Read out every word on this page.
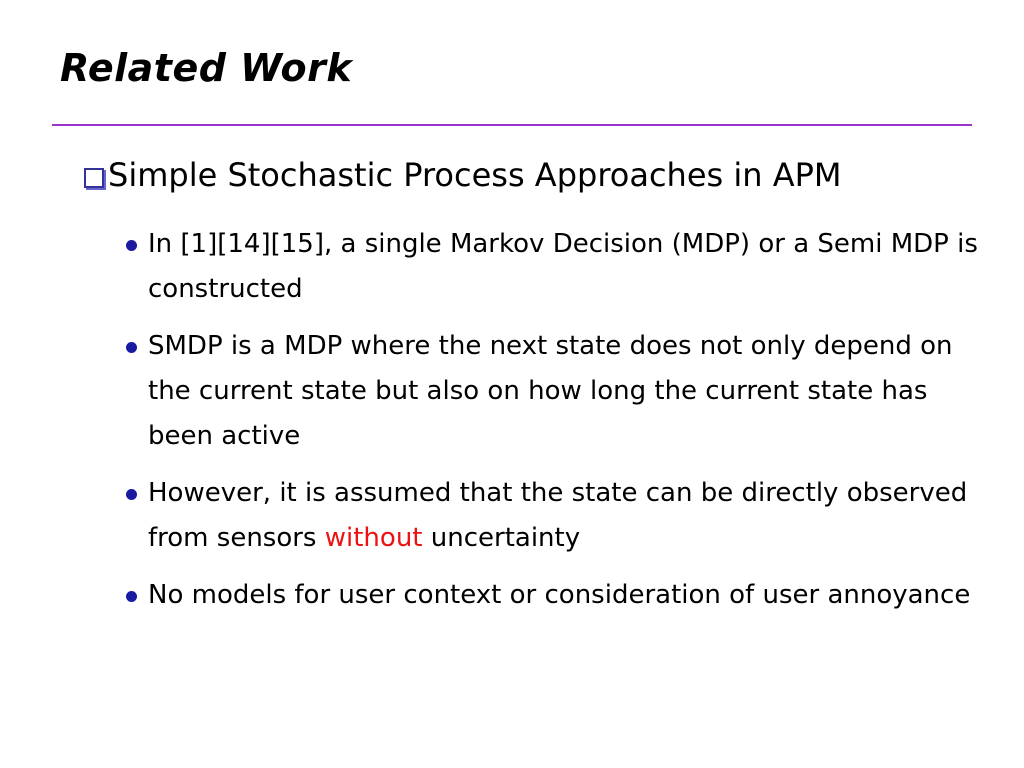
Related Work
Simple Stochastic Process Approaches in APM
In [1][14][15], a single Markov Decision (MDP) or a Semi MDP is constructed
SMDP is a MDP where the next state does not only depend on the current state but also on how long the current state has been active
However, it is assumed that the state can be directly observed from sensors without uncertainty
No models for user context or consideration of user annoyance
